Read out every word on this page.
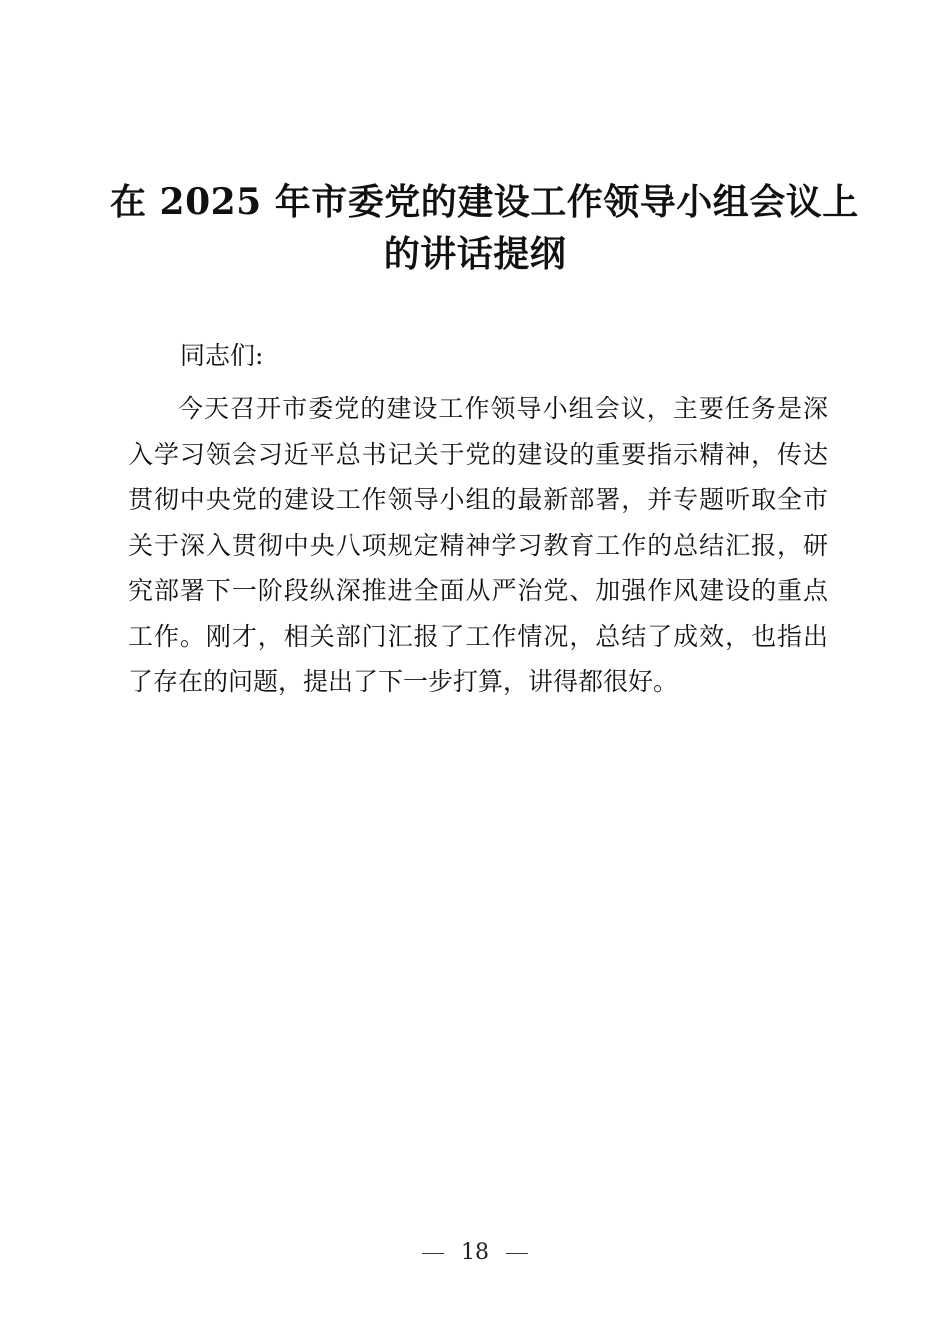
在 2025 年市委党的建设工作领导小组会议上
的讲话提纲
同志们:
今天召开市委党的建设工作领导小组会议，主要任务是深
入学习领会习近平总书记关于党的建设的重要指示精神，传达
贯彻中央党的建设工作领导小组的最新部署，并专题听取全市
关于深入贯彻中央八项规定精神学习教育工作的总结汇报，研
究部署下一阶段纵深推进全面从严治党、加强作风建设的重点
工作。刚才，相关部门汇报了工作情况，总结了成效，也指出
了存在的问题，提出了下一步打算，讲得都很好。
18
